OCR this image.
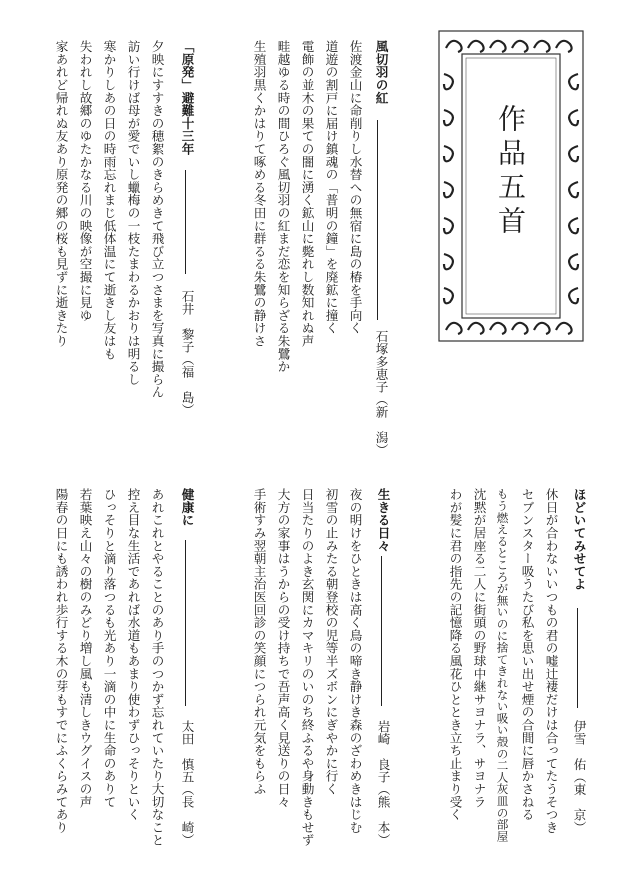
作品五首
風切羽の紅
石塚多恵子（新　潟）
佐渡金山に命削りし水替への無宿に島の椿を手向く
道遊の割戸に届け鎮魂の「普明の鐘」を廃鉱に撞く
電飾の並木の果ての闇に湧く鉱山に斃れし数知れぬ声
畦越ゆる時の間ひろぐ風切羽の紅まだ恋を知らざる朱鷺か
生殖羽黒くかはりて啄める冬田に群るる朱鷺の静けさ
「原発」避難十三年
石井　黎子（福　島）
夕映にすすきの穂絮のきらめきて飛び立つさまを写真に撮らん
訪い行けば母が愛でいし蠟梅の一枝たまわるかおりは明るし
寒かりしあの日の時雨忘れまじ低体温にて逝きし友はも
失われし故郷のゆたかなる川の映像が空撮に見ゆ
家あれど帰れぬ友あり原発の郷の桜も見ずに逝きたり
ほどいてみせてよ
伊雪　佑（東　京）
休日が合わないいつもの君の嘘辻褄だけは合ってたうそつき
セブンスター吸うたび私を思い出せ煙の合間に唇かさねる
もう燃えるところが無いのに捨てきれない吸い殻の二人灰皿の部屋
沈黙が居座る二人に街頭の野球中継サヨナラ、サヨナラ
わが髪に君の指先の記憶降る風花ひととき立ち止まり受く
生きる日々
岩崎　良子（熊　本）
夜の明けをひときは高く鳥の啼き静けき森のざわめきはじむ
初雪の止みたる朝登校の児等半ズボンにぎやかに行く
日当たりのよき玄関にカマキリのいのち終ふるや身動きもせず
大方の家事はうからの受け持ちで吾声高く見送りの日々
手術すみ翌朝主治医回診の笑顔につられ元気をもらふ
健康に
太田　慎五（長　崎）
あれこれとやることのあり手のつかず忘れていたり大切なこと
控え目な生活であれば水道もあまり使わずひっそりといく
ひっそりと滴り落つるも光あり一滴の中に生命のありて
若葉映え山々の樹のみどり増し風も清しきウグイスの声
陽春の日にも誘われ歩行する木の芽もすでにふくらみてあり
